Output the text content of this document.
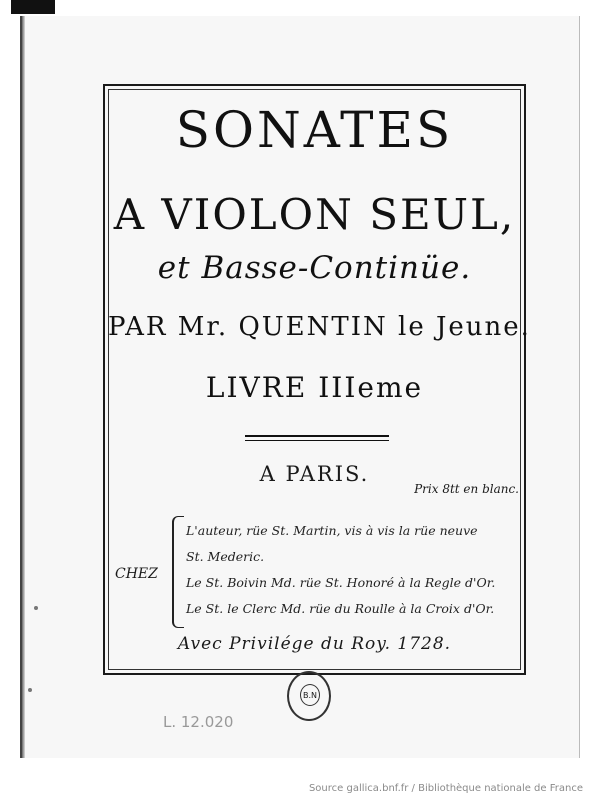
SONATES
A VIOLON SEUL,
et Basse-Continüe.
PAR Mr. QUENTIN le Jeune.
LIVRE IIIeme
A PARIS.
Prix 8tt en blanc.
CHEZ
L'auteur, rüe St. Martin, vis à vis la rüe neuve
St. Mederic.
Le St. Boivin Md. rüe St. Honoré à la Regle d'Or.
Le St. le Clerc Md. rüe du Roulle à la Croix d'Or.
Avec Privilége du Roy. 1728.
B.N
L. 12.020
Source gallica.bnf.fr / Bibliothèque nationale de France
